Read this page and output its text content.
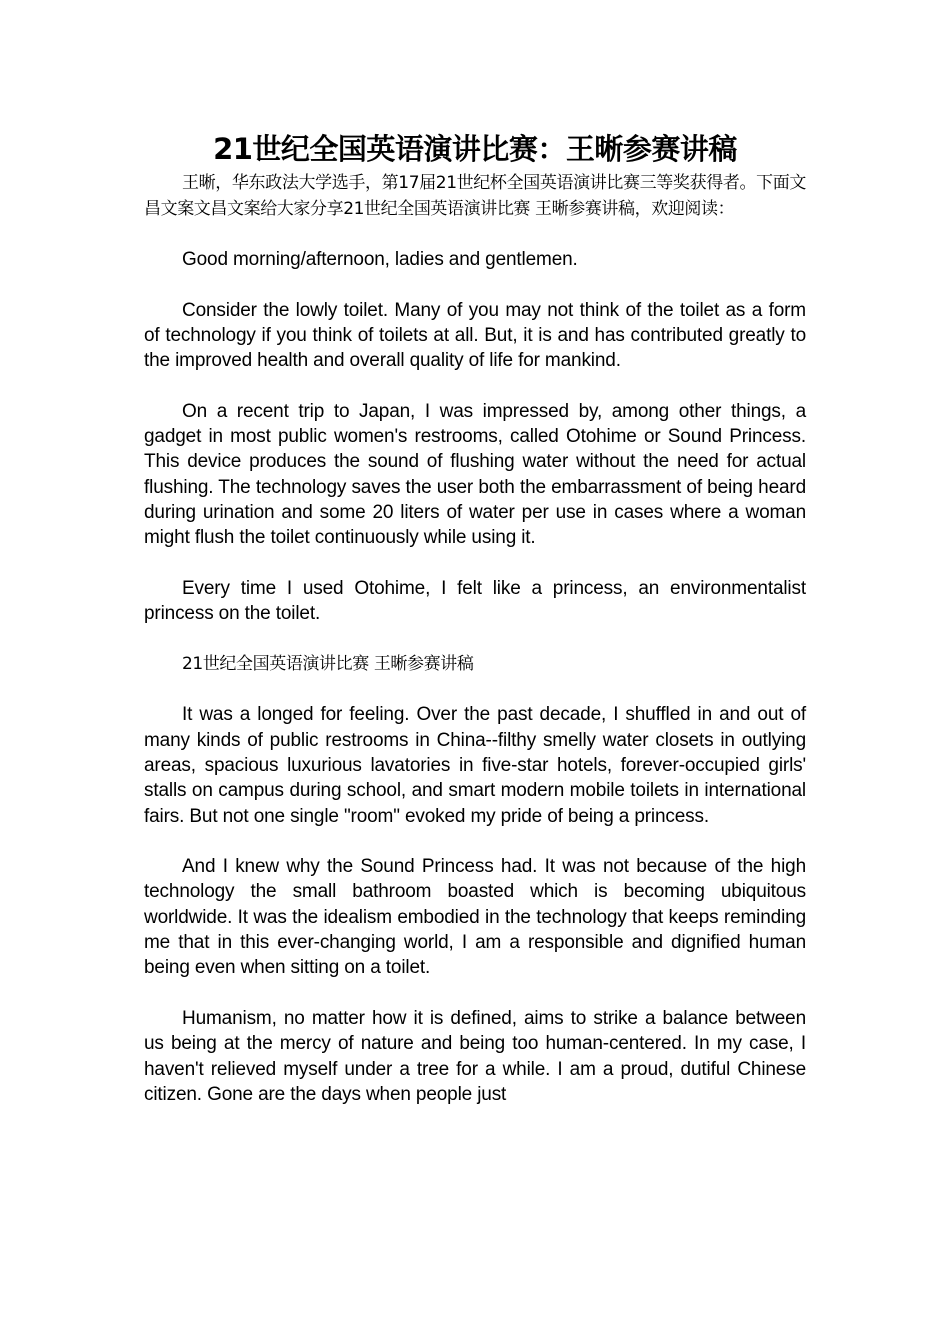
21世纪全国英语演讲比赛：王晰参赛讲稿

王晰，华东政法大学选手，第17届21世纪杯全国英语演讲比赛三等奖获得者。下面文昌文案文昌文案给大家分享21世纪全国英语演讲比赛 王晰参赛讲稿，欢迎阅读：

Good morning/afternoon, ladies and gentlemen.

Consider the lowly toilet. Many of you may not think of the toilet as a form of technology if you think of toilets at all. But, it is and has contributed greatly to the improved health and overall quality of life for mankind.

On a recent trip to Japan, I was impressed by, among other things, a gadget in most public women's restrooms, called Otohime or Sound Princess. This device produces the sound of flushing water without the need for actual flushing. The technology saves the user both the embarrassment of being heard during urination and some 20 liters of water per use in cases where a woman might flush the toilet continuously while using it.

Every time I used Otohime, I felt like a princess, an environmentalist princess on the toilet.

21世纪全国英语演讲比赛 王晰参赛讲稿

It was a longed for feeling. Over the past decade, I shuffled in and out of many kinds of public restrooms in China--filthy smelly water closets in outlying areas, spacious luxurious lavatories in five-star hotels, forever-occupied girls' stalls on campus during school, and smart modern mobile toilets in international fairs. But not one single "room" evoked my pride of being a princess.

And I knew why the Sound Princess had. It was not because of the high technology the small bathroom boasted which is becoming ubiquitous worldwide. It was the idealism embodied in the technology that keeps reminding me that in this ever-changing world, I am a responsible and dignified human being even when sitting on a toilet.

Humanism, no matter how it is defined, aims to strike a balance between us being at the mercy of nature and being too human-centered. In my case, I haven't relieved myself under a tree for a while. I am a proud, dutiful Chinese citizen. Gone are the days when people just
